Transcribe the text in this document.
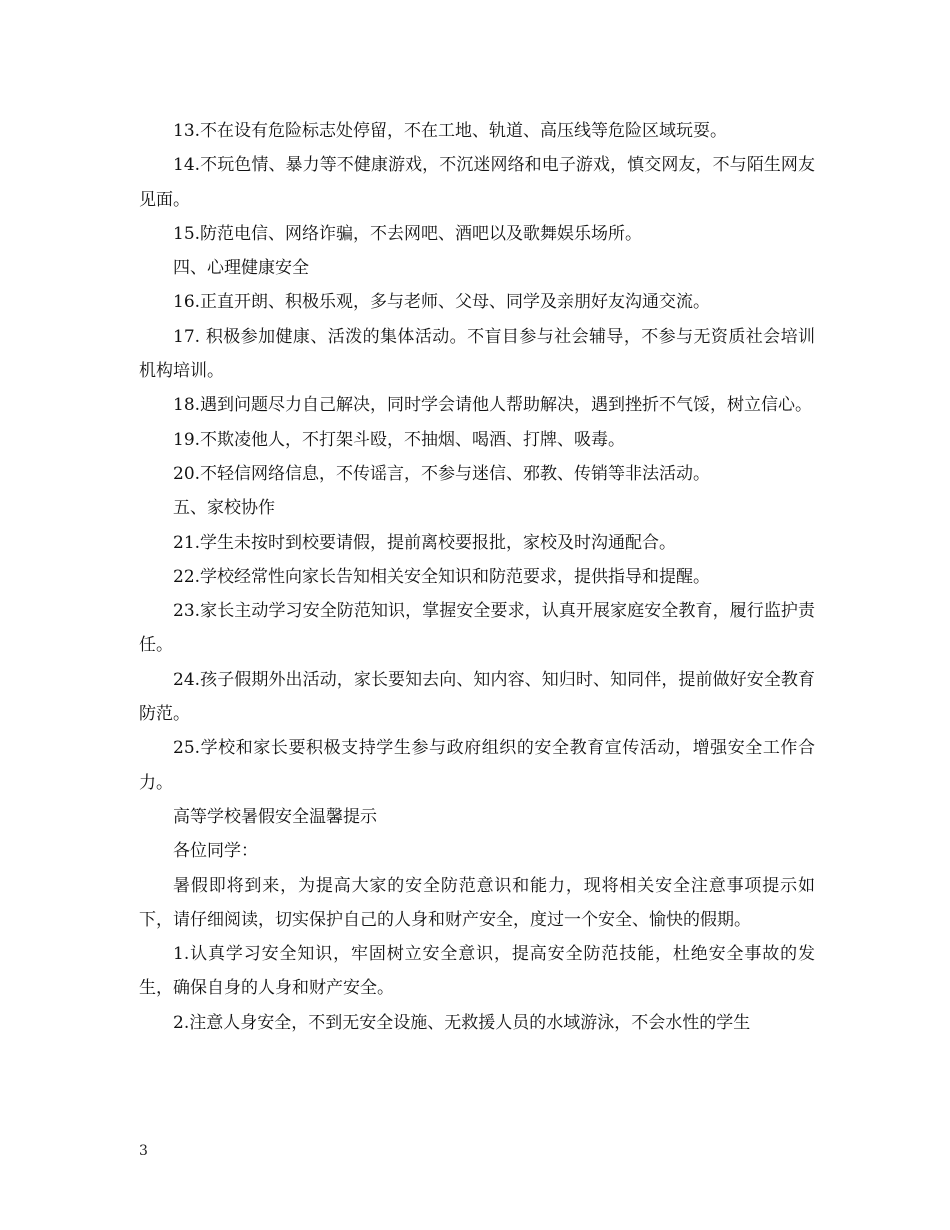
13.不在设有危险标志处停留，不在工地、轨道、高压线等危险区域玩耍。

14.不玩色情、暴力等不健康游戏，不沉迷网络和电子游戏，慎交网友，不与陌生网友见面。

15.防范电信、网络诈骗，不去网吧、酒吧以及歌舞娱乐场所。

四、心理健康安全

16.正直开朗、积极乐观，多与老师、父母、同学及亲朋好友沟通交流。

17. 积极参加健康、活泼的集体活动。不盲目参与社会辅导，不参与无资质社会培训机构培训。

18.遇到问题尽力自己解决，同时学会请他人帮助解决，遇到挫折不气馁，树立信心。

19.不欺凌他人，不打架斗殴，不抽烟、喝酒、打牌、吸毒。

20.不轻信网络信息，不传谣言，不参与迷信、邪教、传销等非法活动。

五、家校协作

21.学生未按时到校要请假，提前离校要报批，家校及时沟通配合。

22.学校经常性向家长告知相关安全知识和防范要求，提供指导和提醒。

23.家长主动学习安全防范知识，掌握安全要求，认真开展家庭安全教育，履行监护责任。

24.孩子假期外出活动，家长要知去向、知内容、知归时、知同伴，提前做好安全教育防范。

25.学校和家长要积极支持学生参与政府组织的安全教育宣传活动，增强安全工作合力。

高等学校暑假安全温馨提示

各位同学：

暑假即将到来，为提高大家的安全防范意识和能力，现将相关安全注意事项提示如下，请仔细阅读，切实保护自己的人身和财产安全，度过一个安全、愉快的假期。

1.认真学习安全知识，牢固树立安全意识，提高安全防范技能，杜绝安全事故的发生，确保自身的人身和财产安全。

2.注意人身安全，不到无安全设施、无救援人员的水域游泳，不会水性的学生

3
